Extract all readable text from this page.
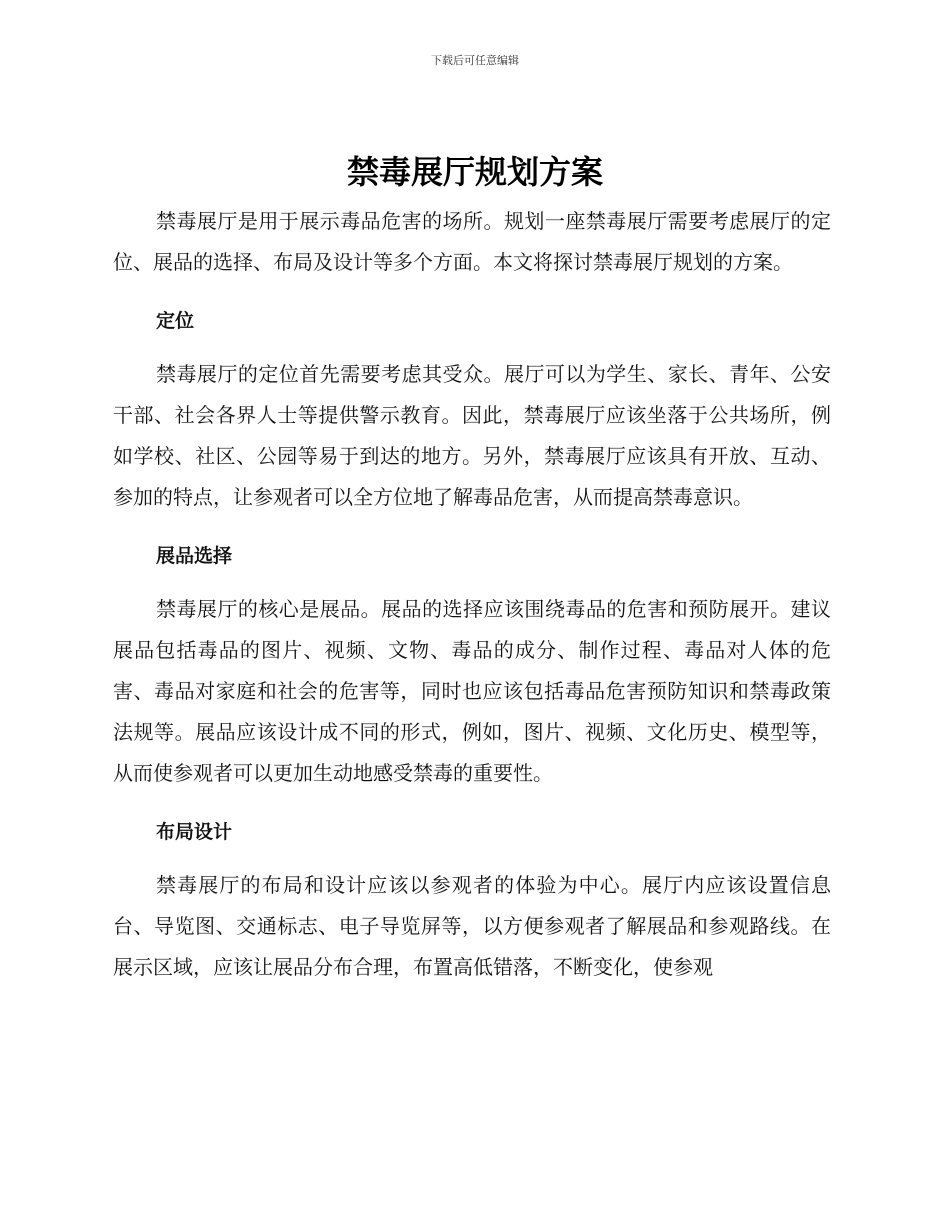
下载后可任意编辑
禁毒展厅规划方案

禁毒展厅是用于展示毒品危害的场所。规划一座禁毒展厅需要考虑展厅的定位、展品的选择、布局及设计等多个方面。本文将探讨禁毒展厅规划的方案。

定位

禁毒展厅的定位首先需要考虑其受众。展厅可以为学生、家长、青年、公安干部、社会各界人士等提供警示教育。因此，禁毒展厅应该坐落于公共场所，例如学校、社区、公园等易于到达的地方。另外，禁毒展厅应该具有开放、互动、参加的特点，让参观者可以全方位地了解毒品危害，从而提高禁毒意识。

展品选择

禁毒展厅的核心是展品。展品的选择应该围绕毒品的危害和预防展开。建议展品包括毒品的图片、视频、文物、毒品的成分、制作过程、毒品对人体的危害、毒品对家庭和社会的危害等，同时也应该包括毒品危害预防知识和禁毒政策法规等。展品应该设计成不同的形式，例如，图片、视频、文化历史、模型等，从而使参观者可以更加生动地感受禁毒的重要性。

布局设计

禁毒展厅的布局和设计应该以参观者的体验为中心。展厅内应该设置信息台、导览图、交通标志、电子导览屏等，以方便参观者了解展品和参观路线。在展示区域，应该让展品分布合理，布置高低错落，不断变化，使参观
